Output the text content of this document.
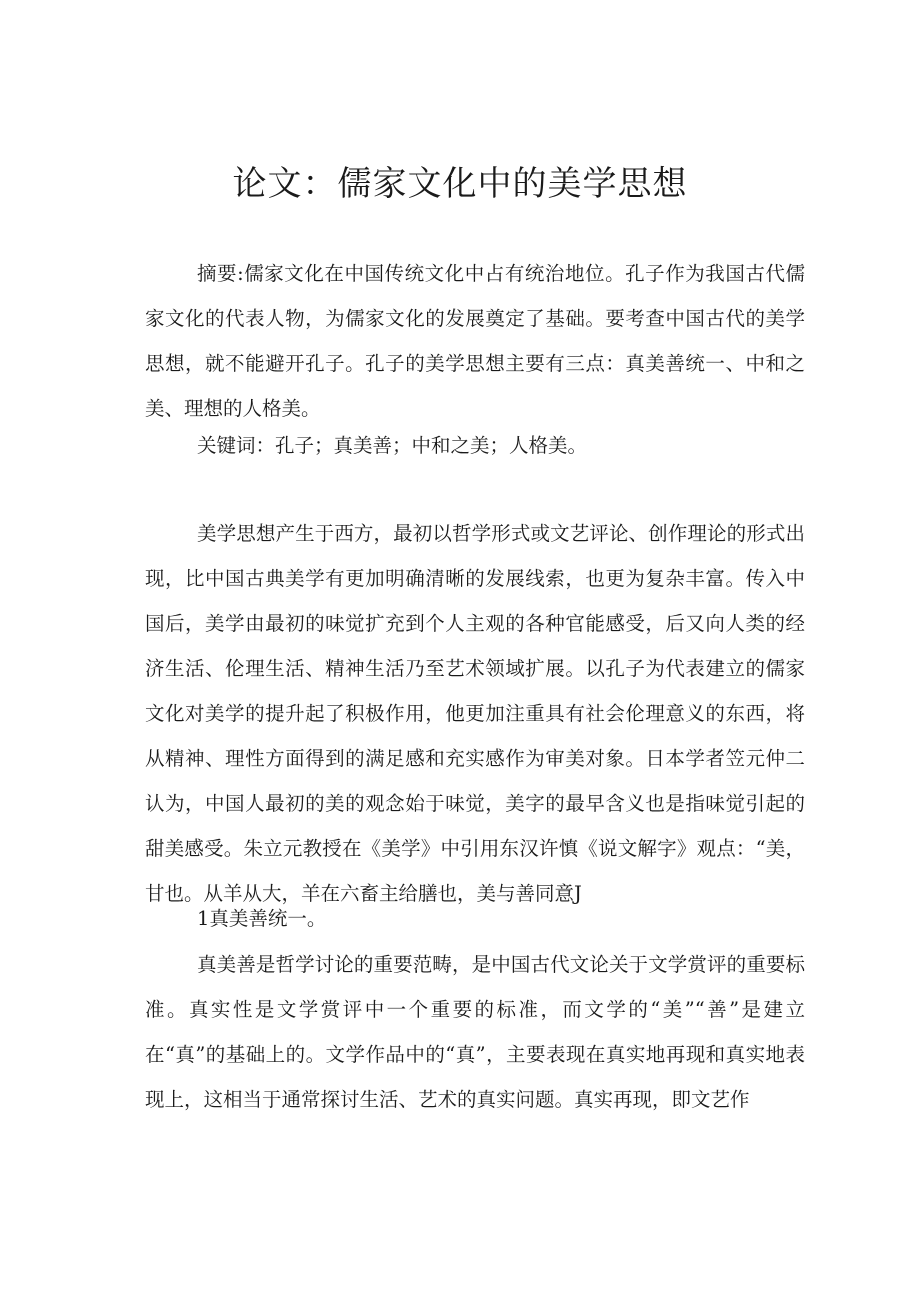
论文：儒家文化中的美学思想

摘要:儒家文化在中国传统文化中占有统治地位。孔子作为我国古代儒家文化的代表人物，为儒家文化的发展奠定了基础。要考查中国古代的美学思想，就不能避开孔子。孔子的美学思想主要有三点：真美善统一、中和之美、理想的人格美。

关键词：孔子；真美善；中和之美；人格美。

美学思想产生于西方，最初以哲学形式或文艺评论、创作理论的形式出现，比中国古典美学有更加明确清晰的发展线索，也更为复杂丰富。传入中国后，美学由最初的味觉扩充到个人主观的各种官能感受，后又向人类的经济生活、伦理生活、精神生活乃至艺术领域扩展。以孔子为代表建立的儒家文化对美学的提升起了积极作用，他更加注重具有社会伦理意义的东西，将从精神、理性方面得到的满足感和充实感作为审美对象。日本学者笠元仲二认为，中国人最初的美的观念始于味觉，美字的最早含义也是指味觉引起的甜美感受。朱立元教授在《美学》中引用东汉许慎《说文解字》观点：“美，甘也。从羊从大，羊在六畜主给膳也，美与善同意J

1真美善统一。

真美善是哲学讨论的重要范畴，是中国古代文论关于文学赏评的重要标准。真实性是文学赏评中一个重要的标准，而文学的“美”“善”是建立在“真”的基础上的。文学作品中的“真”，主要表现在真实地再现和真实地表现上，这相当于通常探讨生活、艺术的真实问题。真实再现，即文艺作
